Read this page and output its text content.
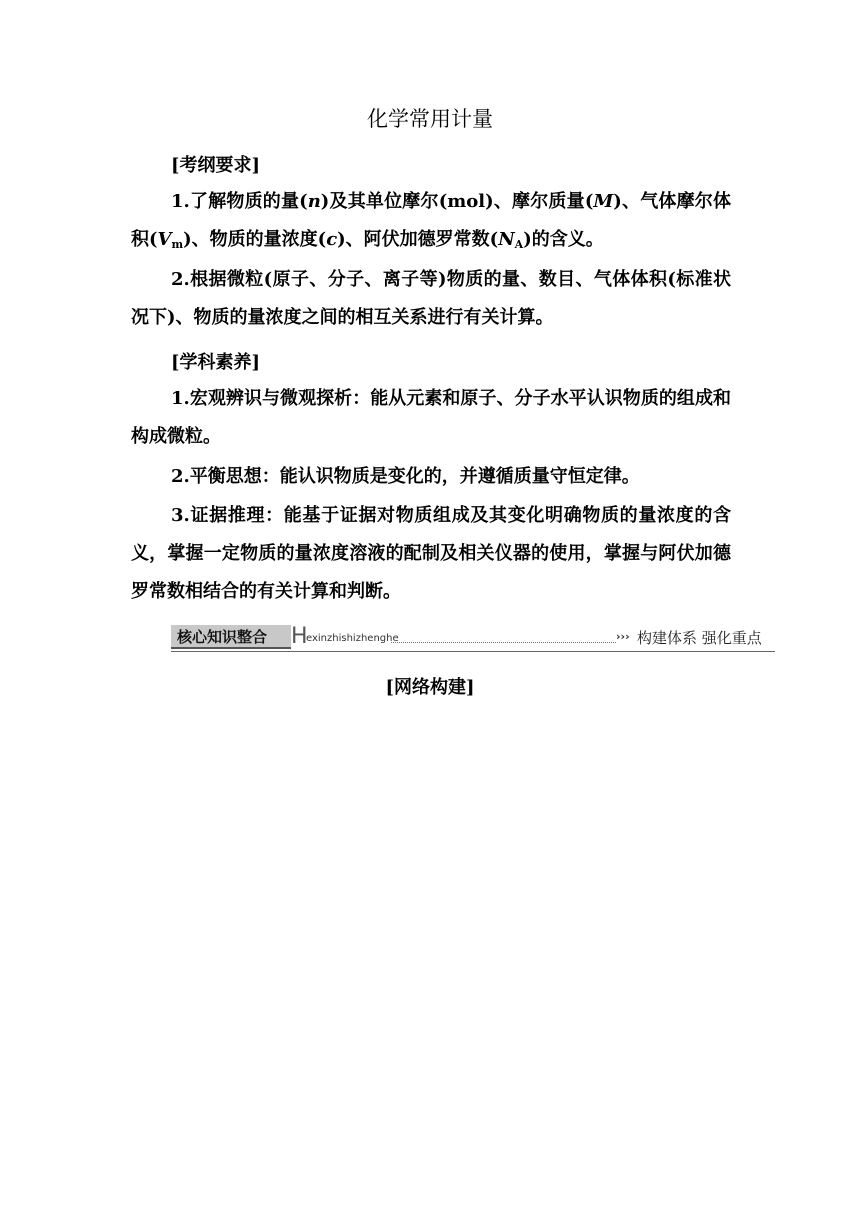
化学常用计量
[考纲要求]
1.了解物质的量(n)及其单位摩尔(mol)、摩尔质量(M)、气体摩尔体积$(V_m)$、物质的量浓度(c)、阿伏加德罗常数$(N_A)$的含义。
2.根据微粒(原子、分子、离子等)物质的量、数目、气体体积(标准状况下)、物质的量浓度之间的相互关系进行有关计算。
[学科素养]
1.宏观辨识与微观探析：能从元素和原子、分子水平认识物质的组成和构成微粒。
2.平衡思想：能认识物质是变化的，并遵循质量守恒定律。
3.证据推理：能基于证据对物质组成及其变化明确物质的量浓度的含义，掌握一定物质的量浓度溶液的配制及相关仪器的使用，掌握与阿伏加德罗常数相结合的有关计算和判断。
核心知识整合	H
exinzhishizhenghe	››› 构建体系 强化重点
[网络构建]
